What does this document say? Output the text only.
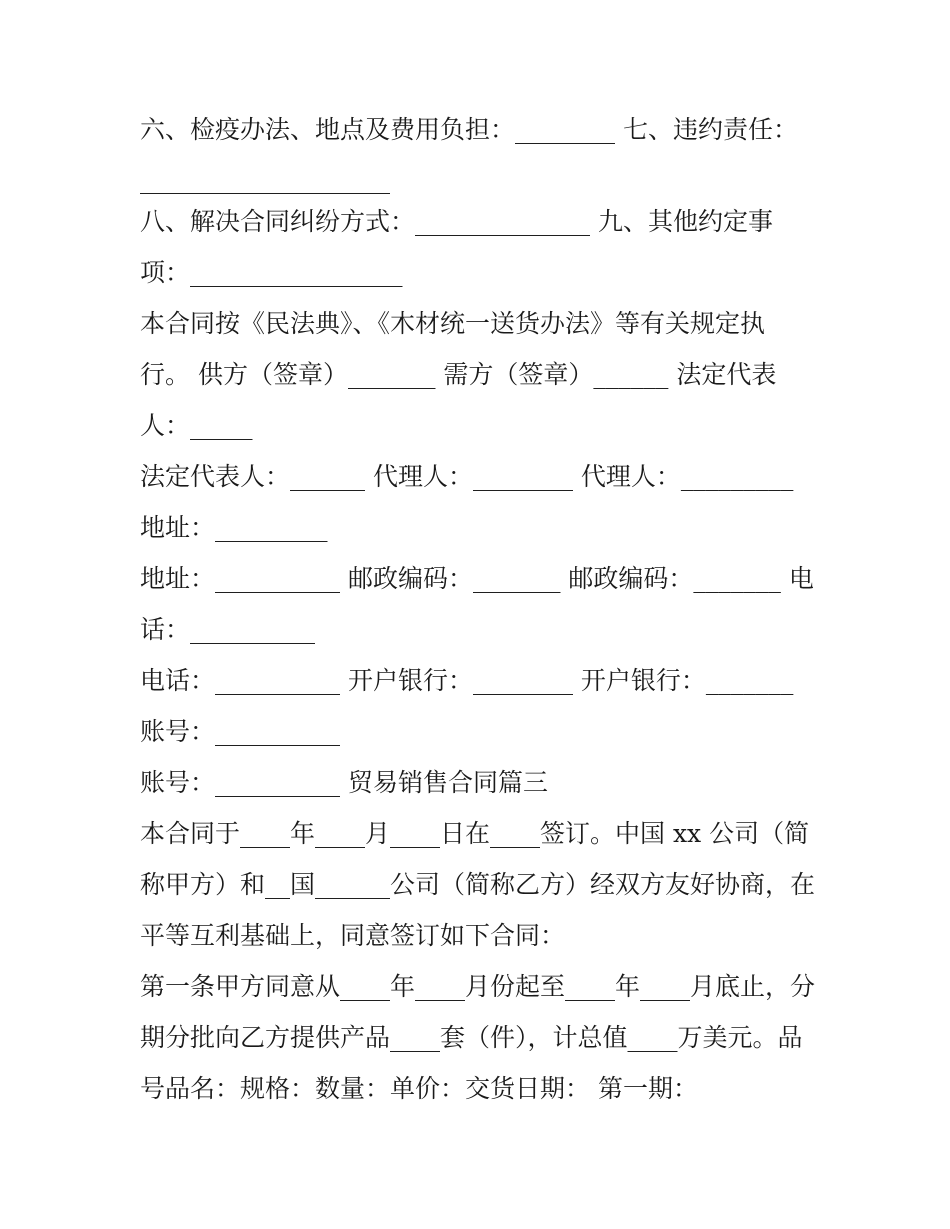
六、检疫办法、地点及费用负担：________ 七、违约责任：
____________________
八、解决合同纠纷方式：______________ 九、其他约定事
项：_________________
本合同按《民法典》、《木材统一送货办法》等有关规定执
行。 供方（签章）_______ 需方（签章）______ 法定代表
人：_____
法定代表人：______ 代理人：________ 代理人：_________
地址：_________
地址：__________ 邮政编码：_______ 邮政编码：_______ 电
话：__________
电话：__________ 开户银行：________ 开户银行：_______
账号：__________
账号：__________ 贸易销售合同篇三
本合同于____年____月____日在____签订。中国 xx 公司（简
称甲方）和__国______公司（简称乙方）经双方友好协商，在
平等互利基础上，同意签订如下合同：
第一条甲方同意从____年____月份起至____年____月底止，分
期分批向乙方提供产品____套（件），计总值____万美元。品
号品名：规格：数量：单价：交货日期： 第一期：
